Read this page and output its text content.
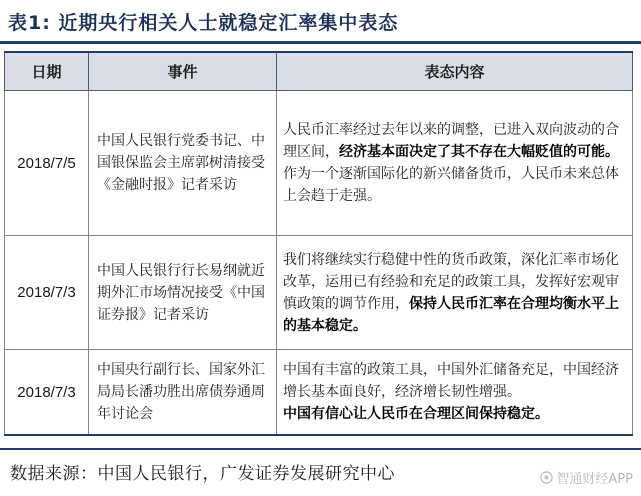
表1: 近期央行相关人士就稳定汇率集中表态
日期	事件	表态内容
2018/7/5	中国人民银行党委书记、中国银保监会主席郭树清接受《金融时报》记者采访	人民币汇率经过去年以来的调整，已进入双向波动的合理区间，经济基本面决定了其不存在大幅贬值的可能。
作为一个逐渐国际化的新兴储备货币，人民币未来总体上会趋于走强。

2018/7/3	中国人民银行行长易纲就近期外汇市场情况接受《中国证券报》记者采访	我们将继续实行稳健中性的货币政策，深化汇率市场化改革，运用已有经验和充足的政策工具，发挥好宏观审慎政策的调节作用，保持人民币汇率在合理均衡水平上的基本稳定。
2018/7/3	中国央行副行长、国家外汇局局长潘功胜出席债券通周年讨论会	中国有丰富的政策工具，中国外汇储备充足，中国经济增长基本面良好，经济增长韧性增强。
中国有信心让人民币在合理区间保持稳定。
数据来源：中国人民银行，广发证券发展研究中心	智通财经APP
